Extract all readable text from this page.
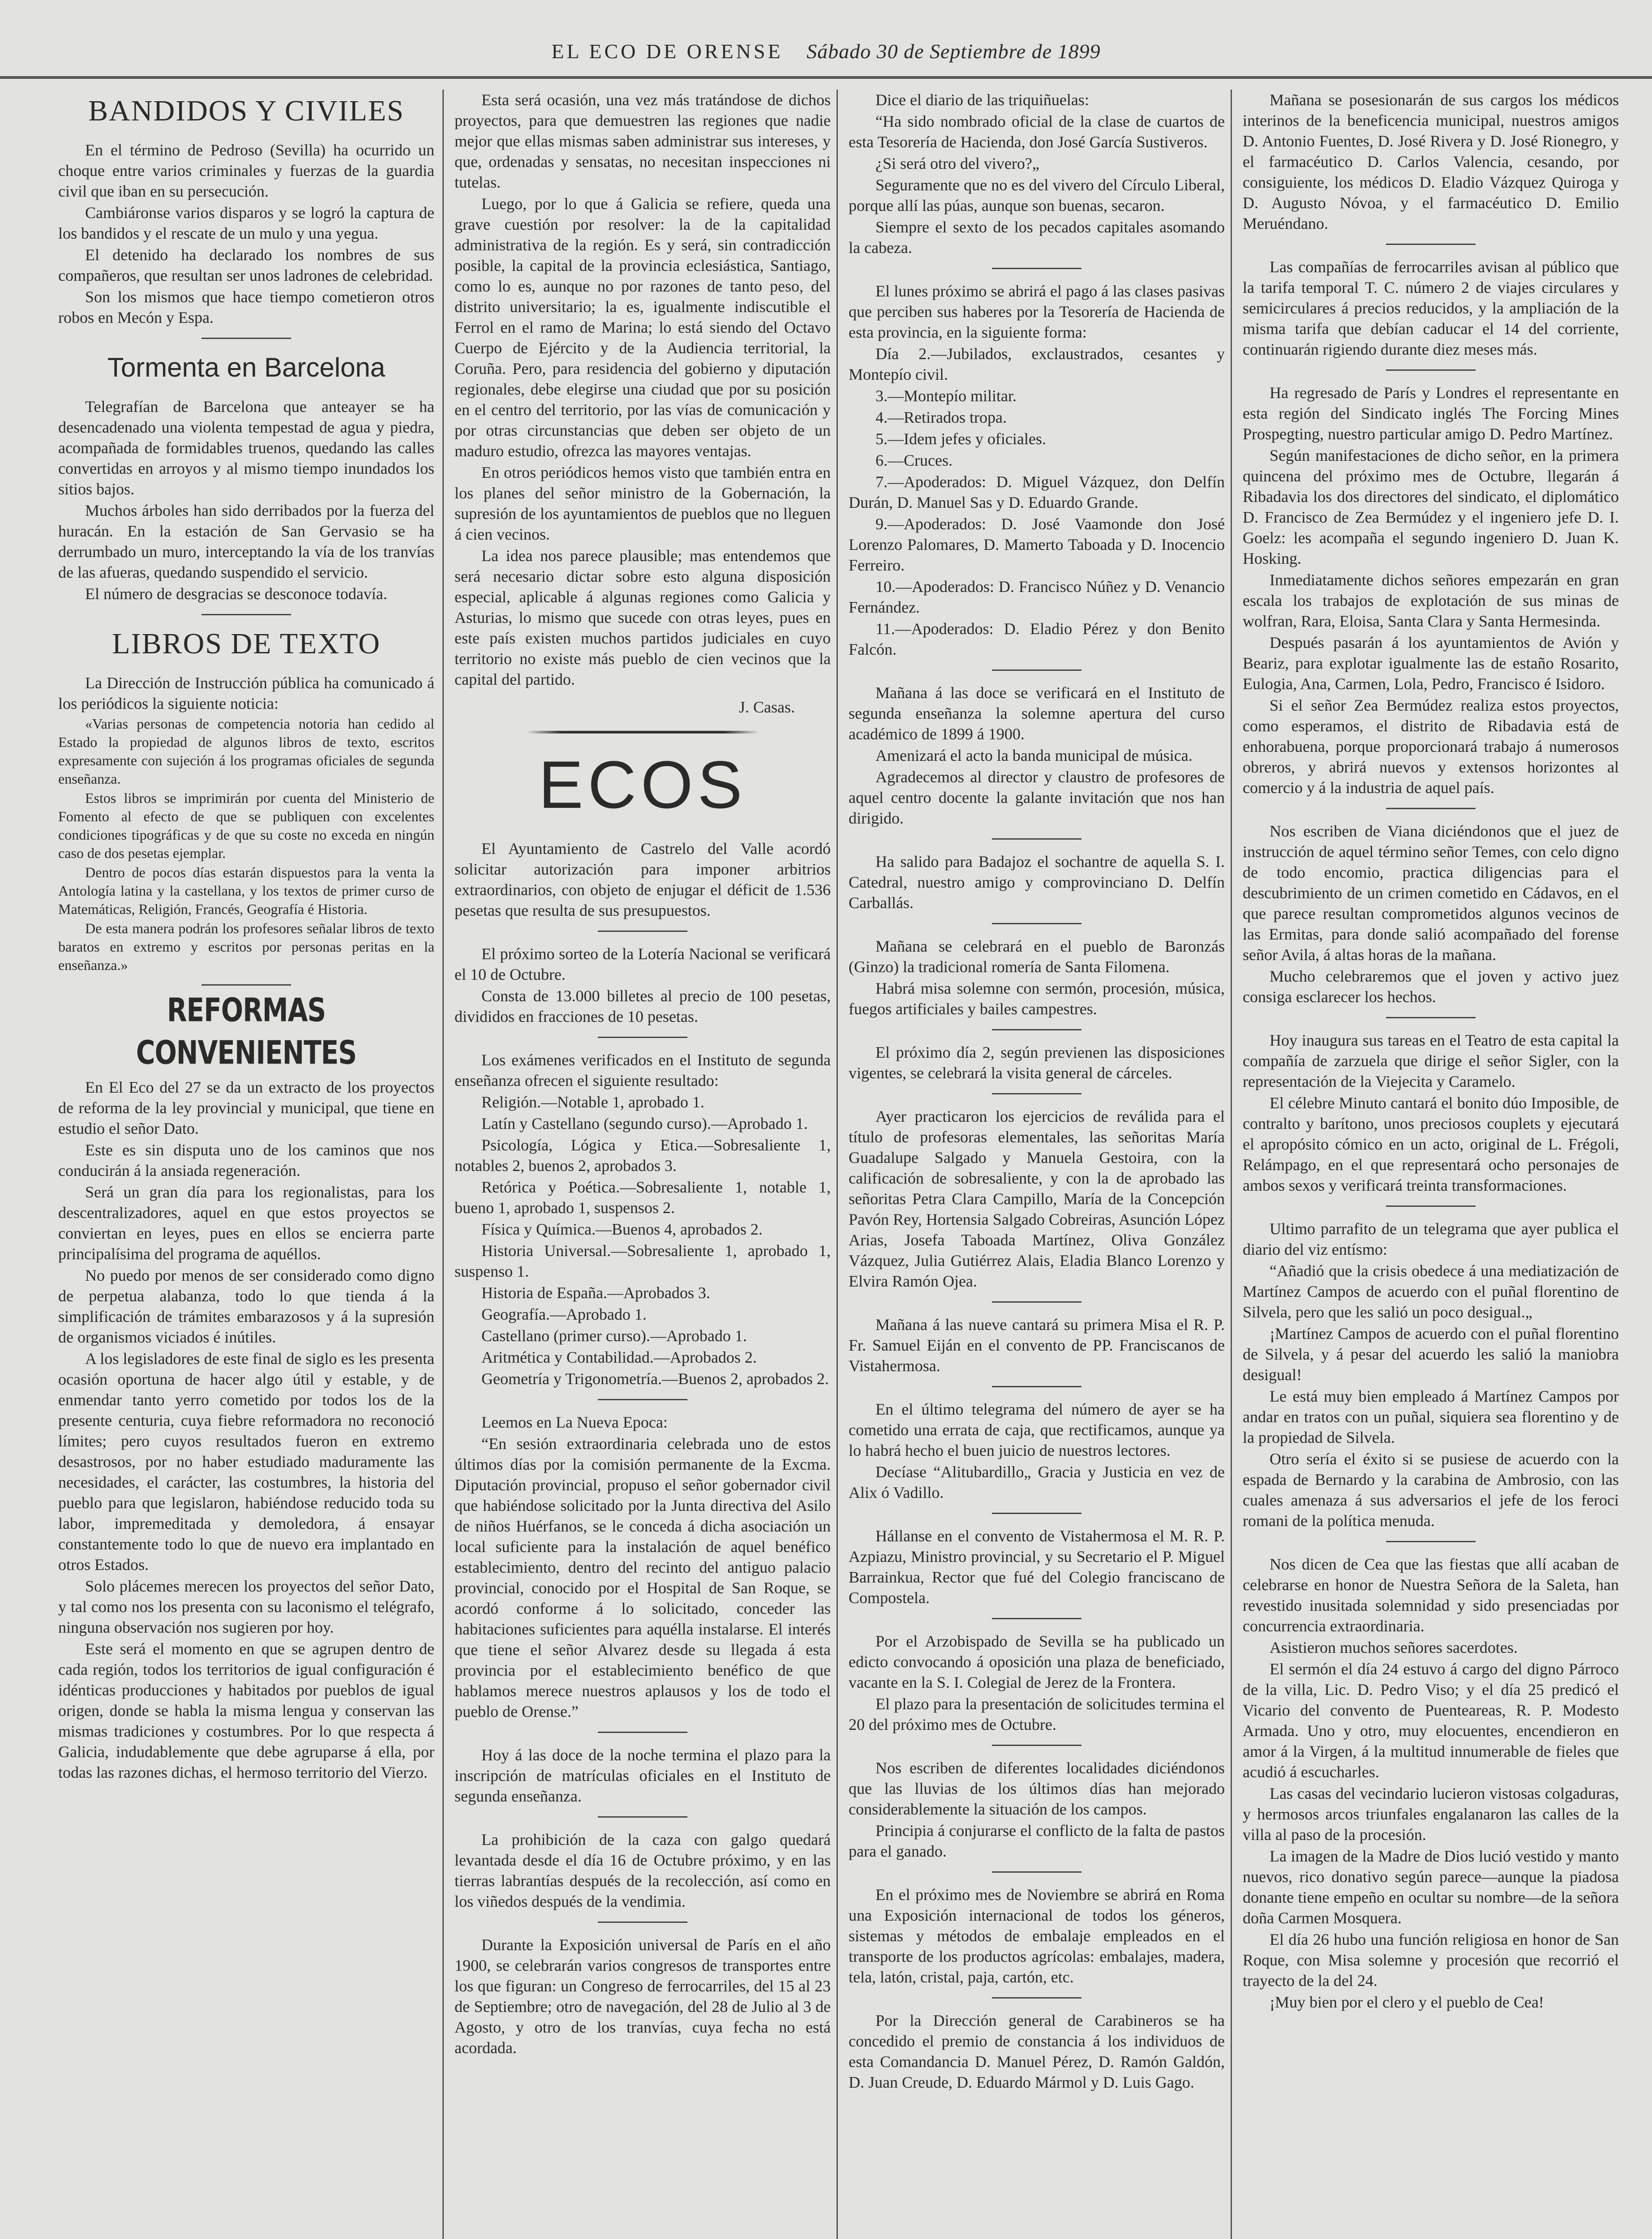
EL ECO DE ORENSE Sábado 30 de Septiembre de 1899
BANDIDOS Y CIVILES

En el término de Pedroso (Sevilla) ha ocurrido un choque entre varios criminales y fuerzas de la guardia civil que iban en su persecución.

Cambiáronse varios disparos y se logró la captura de los bandidos y el rescate de un mulo y una yegua.

El detenido ha declarado los nombres de sus compañeros, que resultan ser unos ladrones de celebridad.

Son los mismos que hace tiempo cometieron otros robos en Mecón y Espa.

Tormenta en Barcelona

Telegrafían de Barcelona que anteayer se ha desencadenado una violenta tempestad de agua y piedra, acompañada de formidables truenos, quedando las calles convertidas en arroyos y al mismo tiempo inundados los sitios bajos.

Muchos árboles han sido derribados por la fuerza del huracán. En la estación de San Gervasio se ha derrumbado un muro, interceptando la vía de los tranvías de las afueras, quedando suspendido el servicio.

El número de desgracias se desconoce todavía.

LIBROS DE TEXTO

La Dirección de Instrucción pública ha comunicado á los periódicos la siguiente noticia:

«Varias personas de competencia notoria han cedido al Estado la propiedad de algunos libros de texto, escritos expresamente con sujeción á los programas oficiales de segunda enseñanza.

Estos libros se imprimirán por cuenta del Ministerio de Fomento al efecto de que se publiquen con excelentes condiciones tipográficas y de que su coste no exceda en ningún caso de dos pesetas ejemplar.

Dentro de pocos días estarán dispuestos para la venta la Antología latina y la castellana, y los textos de primer curso de Matemáticas, Religión, Francés, Geografía é Historia.

De esta manera podrán los profesores señalar libros de texto baratos en extremo y escritos por personas peritas en la enseñanza.»

REFORMAS CONVENIENTES

En El Eco del 27 se da un extracto de los proyectos de reforma de la ley provincial y municipal, que tiene en estudio el señor Dato.

Este es sin disputa uno de los caminos que nos conducirán á la ansiada regeneración.

Será un gran día para los regionalistas, para los descentralizadores, aquel en que estos proyectos se conviertan en leyes, pues en ellos se encierra parte principalísima del programa de aquéllos.

No puedo por menos de ser considerado como digno de perpetua alabanza, todo lo que tienda á la simplificación de trámites embarazosos y á la supresión de organismos viciados é inútiles.

A los legisladores de este final de siglo es les presenta ocasión oportuna de hacer algo útil y estable, y de enmendar tanto yerro cometido por todos los de la presente centuria, cuya fiebre reformadora no reconoció límites; pero cuyos resultados fueron en extremo desastrosos, por no haber estudiado maduramente las necesidades, el carácter, las costumbres, la historia del pueblo para que legislaron, habiéndose reducido toda su labor, impremeditada y demoledora, á ensayar constantemente todo lo que de nuevo era implantado en otros Estados.

Solo plácemes merecen los proyectos del señor Dato, y tal como nos los presenta con su laconismo el telégrafo, ninguna observación nos sugieren por hoy.

Este será el momento en que se agrupen dentro de cada región, todos los territorios de igual configuración é idénticas producciones y habitados por pueblos de igual origen, donde se habla la misma lengua y conservan las mismas tradiciones y costumbres. Por lo que respecta á Galicia, indudablemente que debe agruparse á ella, por todas las razones dichas, el hermoso territorio del Vierzo.

Esta será ocasión, una vez más tratándose de dichos proyectos, para que demuestren las regiones que nadie mejor que ellas mismas saben administrar sus intereses, y que, ordenadas y sensatas, no necesitan inspecciones ni tutelas.

Luego, por lo que á Galicia se refiere, queda una grave cuestión por resolver: la de la capitalidad administrativa de la región. Es y será, sin contradicción posible, la capital de la provincia eclesiástica, Santiago, como lo es, aunque no por razones de tanto peso, del distrito universitario; la es, igualmente indiscutible el Ferrol en el ramo de Marina; lo está siendo del Octavo Cuerpo de Ejército y de la Audiencia territorial, la Coruña. Pero, para residencia del gobierno y diputación regionales, debe elegirse una ciudad que por su posición en el centro del territorio, por las vías de comunicación y por otras circunstancias que deben ser objeto de un maduro estudio, ofrezca las mayores ventajas.

En otros periódicos hemos visto que también entra en los planes del señor ministro de la Gobernación, la supresión de los ayuntamientos de pueblos que no lleguen á cien vecinos.

La idea nos parece plausible; mas entendemos que será necesario dictar sobre esto alguna disposición especial, aplicable á algunas regiones como Galicia y Asturias, lo mismo que sucede con otras leyes, pues en este país existen muchos partidos judiciales en cuyo territorio no existe más pueblo de cien vecinos que la capital del partido.

J. Casas.
ECOS

El Ayuntamiento de Castrelo del Valle acordó solicitar autorización para imponer arbitrios extraordinarios, con objeto de enjugar el déficit de 1.536 pesetas que resulta de sus presupuestos.

El próximo sorteo de la Lotería Nacional se verificará el 10 de Octubre.

Consta de 13.000 billetes al precio de 100 pesetas, divididos en fracciones de 10 pesetas.

Los exámenes verificados en el Instituto de segunda enseñanza ofrecen el siguiente resultado:

Religión.—Notable 1, aprobado 1.

Latín y Castellano (segundo curso).—Aprobado 1.

Psicología, Lógica y Etica.—Sobresaliente 1, notables 2, buenos 2, aprobados 3.

Retórica y Poética.—Sobresaliente 1, notable 1, bueno 1, aprobado 1, suspensos 2.

Física y Química.—Buenos 4, aprobados 2.

Historia Universal.—Sobresaliente 1, aprobado 1, suspenso 1.

Historia de España.—Aprobados 3.

Geografía.—Aprobado 1.

Castellano (primer curso).—Aprobado 1.

Aritmética y Contabilidad.—Aprobados 2.

Geometría y Trigonometría.—Buenos 2, aprobados 2.

Leemos en La Nueva Epoca:

“En sesión extraordinaria celebrada uno de estos últimos días por la comisión permanente de la Excma. Diputación provincial, propuso el señor gobernador civil que habiéndose solicitado por la Junta directiva del Asilo de niños Huérfanos, se le conceda á dicha asociación un local suficiente para la instalación de aquel benéfico establecimiento, dentro del recinto del antiguo palacio provincial, conocido por el Hospital de San Roque, se acordó conforme á lo solicitado, conceder las habitaciones suficientes para aquélla instalarse. El interés que tiene el señor Alvarez desde su llegada á esta provincia por el establecimiento benéfico de que hablamos merece nuestros aplausos y los de todo el pueblo de Orense.”

Hoy á las doce de la noche termina el plazo para la inscripción de matrículas oficiales en el Instituto de segunda enseñanza.

La prohibición de la caza con galgo quedará levantada desde el día 16 de Octubre próximo, y en las tierras labrantías después de la recolección, así como en los viñedos después de la vendimia.

Durante la Exposición universal de París en el año 1900, se celebrarán varios congresos de transportes entre los que figuran: un Congreso de ferrocarriles, del 15 al 23 de Septiembre; otro de navegación, del 28 de Julio al 3 de Agosto, y otro de los tranvías, cuya fecha no está acordada.

Dice el diario de las triquiñuelas:

“Ha sido nombrado oficial de la clase de cuartos de esta Tesorería de Hacienda, don José García Sustiveros.

¿Si será otro del vivero?„

Seguramente que no es del vivero del Círculo Liberal, porque allí las púas, aunque son buenas, secaron.

Siempre el sexto de los pecados capitales asomando la cabeza.

El lunes próximo se abrirá el pago á las clases pasivas que perciben sus haberes por la Tesorería de Hacienda de esta provincia, en la siguiente forma:

Día 2.—Jubilados, exclaustrados, cesantes y Montepío civil.

3.—Montepío militar.

4.—Retirados tropa.

5.—Idem jefes y oficiales.

6.—Cruces.

7.—Apoderados: D. Miguel Vázquez, don Delfín Durán, D. Manuel Sas y D. Eduardo Grande.

9.—Apoderados: D. José Vaamonde don José Lorenzo Palomares, D. Mamerto Taboada y D. Inocencio Ferreiro.

10.—Apoderados: D. Francisco Núñez y D. Venancio Fernández.

11.—Apoderados: D. Eladio Pérez y don Benito Falcón.

Mañana á las doce se verificará en el Instituto de segunda enseñanza la solemne apertura del curso académico de 1899 á 1900.

Amenizará el acto la banda municipal de música.

Agradecemos al director y claustro de profesores de aquel centro docente la galante invitación que nos han dirigido.

Ha salido para Badajoz el sochantre de aquella S. I. Catedral, nuestro amigo y comprovinciano D. Delfín Carballás.

Mañana se celebrará en el pueblo de Baronzás (Ginzo) la tradicional romería de Santa Filomena.

Habrá misa solemne con sermón, procesión, música, fuegos artificiales y bailes campestres.

El próximo día 2, según previenen las disposiciones vigentes, se celebrará la visita general de cárceles.

Ayer practicaron los ejercicios de reválida para el título de profesoras elementales, las señoritas María Guadalupe Salgado y Manuela Gestoira, con la calificación de sobresaliente, y con la de aprobado las señoritas Petra Clara Campillo, María de la Concepción Pavón Rey, Hortensia Salgado Cobreiras, Asunción López Arias, Josefa Taboada Martínez, Oliva González Vázquez, Julia Gutiérrez Alais, Eladia Blanco Lorenzo y Elvira Ramón Ojea.

Mañana á las nueve cantará su primera Misa el R. P. Fr. Samuel Eiján en el convento de PP. Franciscanos de Vistahermosa.

En el último telegrama del número de ayer se ha cometido una errata de caja, que rectificamos, aunque ya lo habrá hecho el buen juicio de nuestros lectores.

Decíase “Alitubardillo„ Gracia y Justicia en vez de Alix ó Vadillo.

Hállanse en el convento de Vistahermosa el M. R. P. Azpiazu, Ministro provincial, y su Secretario el P. Miguel Barrainkua, Rector que fué del Colegio franciscano de Compostela.

Por el Arzobispado de Sevilla se ha publicado un edicto convocando á oposición una plaza de beneficiado, vacante en la S. I. Colegial de Jerez de la Frontera.

El plazo para la presentación de solicitudes termina el 20 del próximo mes de Octubre.

Nos escriben de diferentes localidades diciéndonos que las lluvias de los últimos días han mejorado considerablemente la situación de los campos.

Principia á conjurarse el conflicto de la falta de pastos para el ganado.

En el próximo mes de Noviembre se abrirá en Roma una Exposición internacional de todos los géneros, sistemas y métodos de embalaje empleados en el transporte de los productos agrícolas: embalajes, madera, tela, latón, cristal, paja, cartón, etc.

Por la Dirección general de Carabineros se ha concedido el premio de constancia á los individuos de esta Comandancia D. Manuel Pérez, D. Ramón Galdón, D. Juan Creude, D. Eduardo Mármol y D. Luis Gago.

Mañana se posesionarán de sus cargos los médicos interinos de la beneficencia municipal, nuestros amigos D. Antonio Fuentes, D. José Rivera y D. José Rionegro, y el farmacéutico D. Carlos Valencia, cesando, por consiguiente, los médicos D. Eladio Vázquez Quiroga y D. Augusto Nóvoa, y el farmacéutico D. Emilio Meruéndano.

Las compañías de ferrocarriles avisan al público que la tarifa temporal T. C. número 2 de viajes circulares y semicirculares á precios reducidos, y la ampliación de la misma tarifa que debían caducar el 14 del corriente, continuarán rigiendo durante diez meses más.

Ha regresado de París y Londres el representante en esta región del Sindicato inglés The Forcing Mines Prospegting, nuestro particular amigo D. Pedro Martínez.

Según manifestaciones de dicho señor, en la primera quincena del próximo mes de Octubre, llegarán á Ribadavia los dos directores del sindicato, el diplomático D. Francisco de Zea Bermúdez y el ingeniero jefe D. I. Goelz: les acompaña el segundo ingeniero D. Juan K. Hosking.

Inmediatamente dichos señores empezarán en gran escala los trabajos de explotación de sus minas de wolfran, Rara, Eloisa, Santa Clara y Santa Hermesinda.

Después pasarán á los ayuntamientos de Avión y Beariz, para explotar igualmente las de estaño Rosarito, Eulogia, Ana, Carmen, Lola, Pedro, Francisco é Isidoro.

Si el señor Zea Bermúdez realiza estos proyectos, como esperamos, el distrito de Ribadavia está de enhorabuena, porque proporcionará trabajo á numerosos obreros, y abrirá nuevos y extensos horizontes al comercio y á la industria de aquel país.

Nos escriben de Viana diciéndonos que el juez de instrucción de aquel término señor Temes, con celo digno de todo encomio, practica diligencias para el descubrimiento de un crimen cometido en Cádavos, en el que parece resultan comprometidos algunos vecinos de las Ermitas, para donde salió acompañado del forense señor Avila, á altas horas de la mañana.

Mucho celebraremos que el joven y activo juez consiga esclarecer los hechos.

Hoy inaugura sus tareas en el Teatro de esta capital la compañía de zarzuela que dirige el señor Sigler, con la representación de la Viejecita y Caramelo.

El célebre Minuto cantará el bonito dúo Imposible, de contralto y barítono, unos preciosos couplets y ejecutará el apropósito cómico en un acto, original de L. Frégoli, Relámpago, en el que representará ocho personajes de ambos sexos y verificará treinta transformaciones.

Ultimo parrafito de un telegrama que ayer publica el diario del viz entísmo:

“Añadió que la crisis obedece á una mediatización de Martínez Campos de acuerdo con el puñal florentino de Silvela, pero que les salió un poco desigual.„

¡Martínez Campos de acuerdo con el puñal florentino de Silvela, y á pesar del acuerdo les salió la maniobra desigual!

Le está muy bien empleado á Martínez Campos por andar en tratos con un puñal, siquiera sea florentino y de la propiedad de Silvela.

Otro sería el éxito si se pusiese de acuerdo con la espada de Bernardo y la carabina de Ambrosio, con las cuales amenaza á sus adversarios el jefe de los feroci romani de la política menuda.

Nos dicen de Cea que las fiestas que allí acaban de celebrarse en honor de Nuestra Señora de la Saleta, han revestido inusitada solemnidad y sido presenciadas por concurrencia extraordinaria.

Asistieron muchos señores sacerdotes.

El sermón el día 24 estuvo á cargo del digno Párroco de la villa, Lic. D. Pedro Viso; y el día 25 predicó el Vicario del convento de Puenteareas, R. P. Modesto Armada. Uno y otro, muy elocuentes, encendieron en amor á la Virgen, á la multitud innumerable de fieles que acudió á escucharles.

Las casas del vecindario lucieron vistosas colgaduras, y hermosos arcos triunfales engalanaron las calles de la villa al paso de la procesión.

La imagen de la Madre de Dios lució vestido y manto nuevos, rico donativo según parece—aunque la piadosa donante tiene empeño en ocultar su nombre—de la señora doña Carmen Mosquera.

El día 26 hubo una función religiosa en honor de San Roque, con Misa solemne y procesión que recorrió el trayecto de la del 24.

¡Muy bien por el clero y el pueblo de Cea!
